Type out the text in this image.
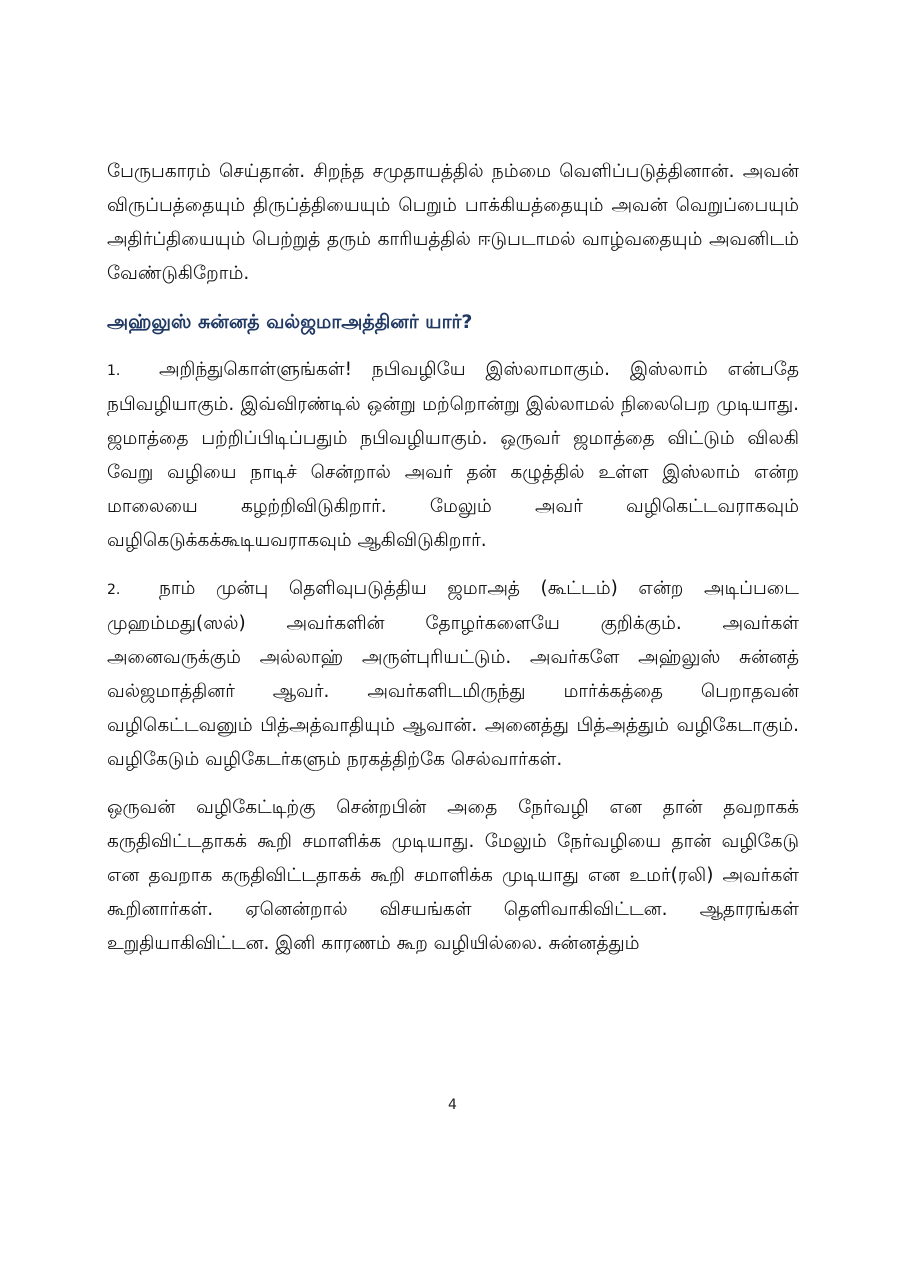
பேருபகாரம் செய்தான். சிறந்த சமுதாயத்தில் நம்மை வெளிப்படுத்தினான். அவன் விருப்பத்தையும் திருப்த்தியையும் பெறும் பாக்கியத்தையும் அவன் வெறுப்பையும் அதிர்ப்தியையும் பெற்றுத் தரும் காரியத்தில் ஈடுபடாமல் வாழ்வதையும் அவனிடம் வேண்டுகிறோம்.

அஹ்லுஸ் சுன்னத் வல்ஜமாஅத்தினர் யார்?

1. அறிந்துகொள்ளுங்கள்! நபிவழியே இஸ்லாமாகும். இஸ்லாம் என்பதே நபிவழியாகும். இவ்விரண்டில் ஒன்று மற்றொன்று இல்லாமல் நிலைபெற முடியாது. ஜமாத்தை பற்றிப்பிடிப்பதும் நபிவழியாகும். ஒருவர் ஜமாத்தை விட்டும் விலகி வேறு வழியை நாடிச் சென்றால் அவர் தன் கழுத்தில் உள்ள இஸ்லாம் என்ற மாலையை கழற்றிவிடுகிறார். மேலும் அவர் வழிகெட்டவராகவும் வழிகெடுக்கக்கூடியவராகவும் ஆகிவிடுகிறார்.

2. நாம் முன்பு தெளிவுபடுத்திய ஜமாஅத் (கூட்டம்) என்ற அடிப்படை முஹம்மது(ஸல்) அவர்களின் தோழர்களையே குறிக்கும். அவர்கள் அனைவருக்கும் அல்லாஹ் அருள்புரியட்டும். அவர்களே அஹ்லுஸ் சுன்னத் வல்ஜமாத்தினர் ஆவர். அவர்களிடமிருந்து மார்க்கத்தை பெறாதவன் வழிகெட்டவனும் பித்அத்வாதியும் ஆவான். அனைத்து பித்அத்தும் வழிகேடாகும். வழிகேடும் வழிகேடர்களும் நரகத்திற்கே செல்வார்கள்.

ஒருவன் வழிகேட்டிற்கு சென்றபின் அதை நேர்வழி என தான் தவறாகக் கருதிவிட்டதாகக் கூறி சமாளிக்க முடியாது. மேலும் நேர்வழியை தான் வழிகேடு என தவறாக கருதிவிட்டதாகக் கூறி சமாளிக்க முடியாது என உமர்(ரலி) அவர்கள் கூறினார்கள். ஏனென்றால் விசயங்கள் தெளிவாகிவிட்டன. ஆதாரங்கள் உறுதியாகிவிட்டன. இனி காரணம் கூற வழியில்லை. சுன்னத்தும்

4
